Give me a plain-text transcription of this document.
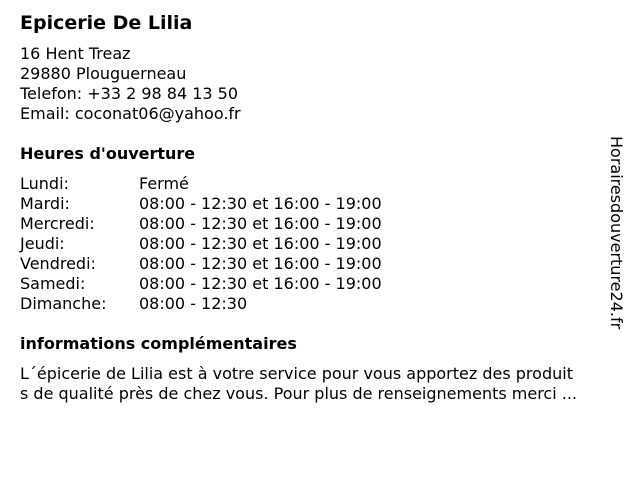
Epicerie De Lilia
16 Hent Treaz
29880 Plouguerneau
Telefon: +33 2 98 84 13 50
Email: coconat06@yahoo.fr
Heures d'ouverture
Lundi:	Fermé
Mardi:	08:00 - 12:30 et 16:00 - 19:00
Mercredi:	08:00 - 12:30 et 16:00 - 19:00
Jeudi:	08:00 - 12:30 et 16:00 - 19:00
Vendredi:	08:00 - 12:30 et 16:00 - 19:00
Samedi:	08:00 - 12:30 et 16:00 - 19:00
Dimanche: 08:00 - 12:30
informations complémentaires
L´épicerie de Lilia est à votre service pour vous apportez des produit
s de qualité près de chez vous. Pour plus de renseignements merci ...
Horairesdouverture24.fr
